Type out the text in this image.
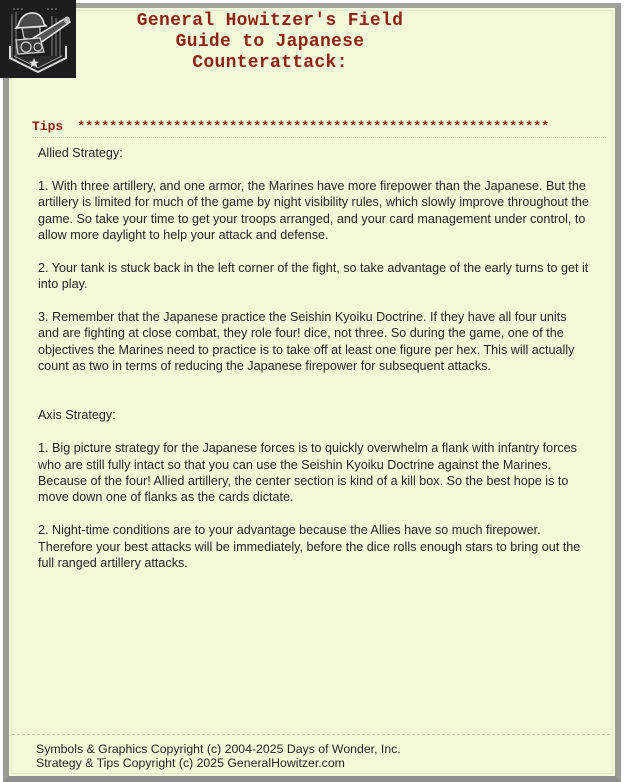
General Howitzer's Field
Guide to Japanese
Counterattack:
Tips ***********************************************************

Allied Strategy:

1. With three artillery, and one armor, the Marines have more firepower than the Japanese. But the artillery is limited for much of the game by night visibility rules, which slowly improve throughout the game. So take your time to get your troops arranged, and your card management under control, to allow more daylight to help your attack and defense.

2. Your tank is stuck back in the left corner of the fight, so take advantage of the early turns to get it into play.

3. Remember that the Japanese practice the Seishin Kyoiku Doctrine. If they have all four units and are fighting at close combat, they role four! dice, not three. So during the game, one of the objectives the Marines need to practice is to take off at least one figure per hex. This will actually count as two in terms of reducing the Japanese firepower for subsequent attacks.

Axis Strategy:

1. Big picture strategy for the Japanese forces is to quickly overwhelm a flank with infantry forces who are still fully intact so that you can use the Seishin Kyoiku Doctrine against the Marines. Because of the four! Allied artillery, the center section is kind of a kill box. So the best hope is to move down one of flanks as the cards dictate.

2. Night-time conditions are to your advantage because the Allies have so much firepower. Therefore your best attacks will be immediately, before the dice rolls enough stars to bring out the full ranged artillery attacks.

Symbols & Graphics Copyright (c) 2004-2025 Days of Wonder, Inc.
Strategy & Tips Copyright (c) 2025 GeneralHowitzer.com
